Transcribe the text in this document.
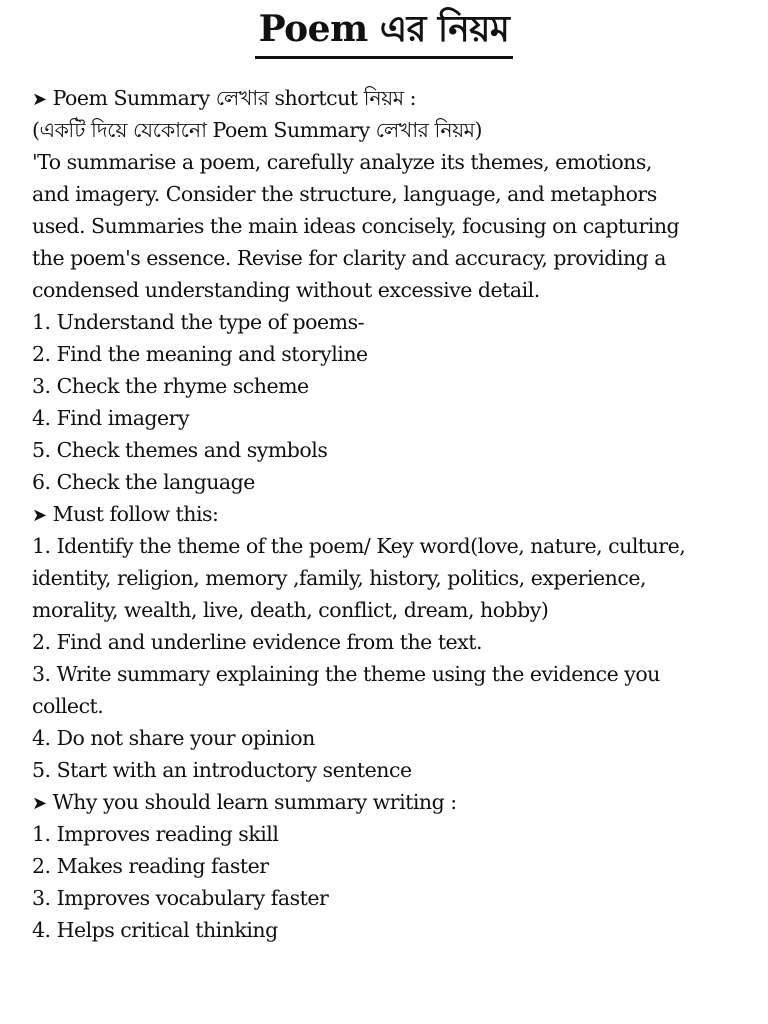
Poem এর নিয়ম
➤ Poem Summary লেখার shortcut নিয়ম :
(একটি দিয়ে যেকোনো Poem Summary লেখার নিয়ম)
'To summarise a poem, carefully analyze its themes, emotions,
and imagery. Consider the structure, language, and metaphors
used. Summaries the main ideas concisely, focusing on capturing
the poem's essence. Revise for clarity and accuracy, providing a
condensed understanding without excessive detail.
1. Understand the type of poems-
2. Find the meaning and storyline
3. Check the rhyme scheme
4. Find imagery
5. Check themes and symbols
6. Check the language
➤ Must follow this:
1. Identify the theme of the poem/ Key word(love, nature, culture,
identity, religion, memory ,family, history, politics, experience,
morality, wealth, live, death, conflict, dream, hobby)
2. Find and underline evidence from the text.
3. Write summary explaining the theme using the evidence you
collect.
4. Do not share your opinion
5. Start with an introductory sentence
➤ Why you should learn summary writing :
1. Improves reading skill
2. Makes reading faster
3. Improves vocabulary faster
4. Helps critical thinking
